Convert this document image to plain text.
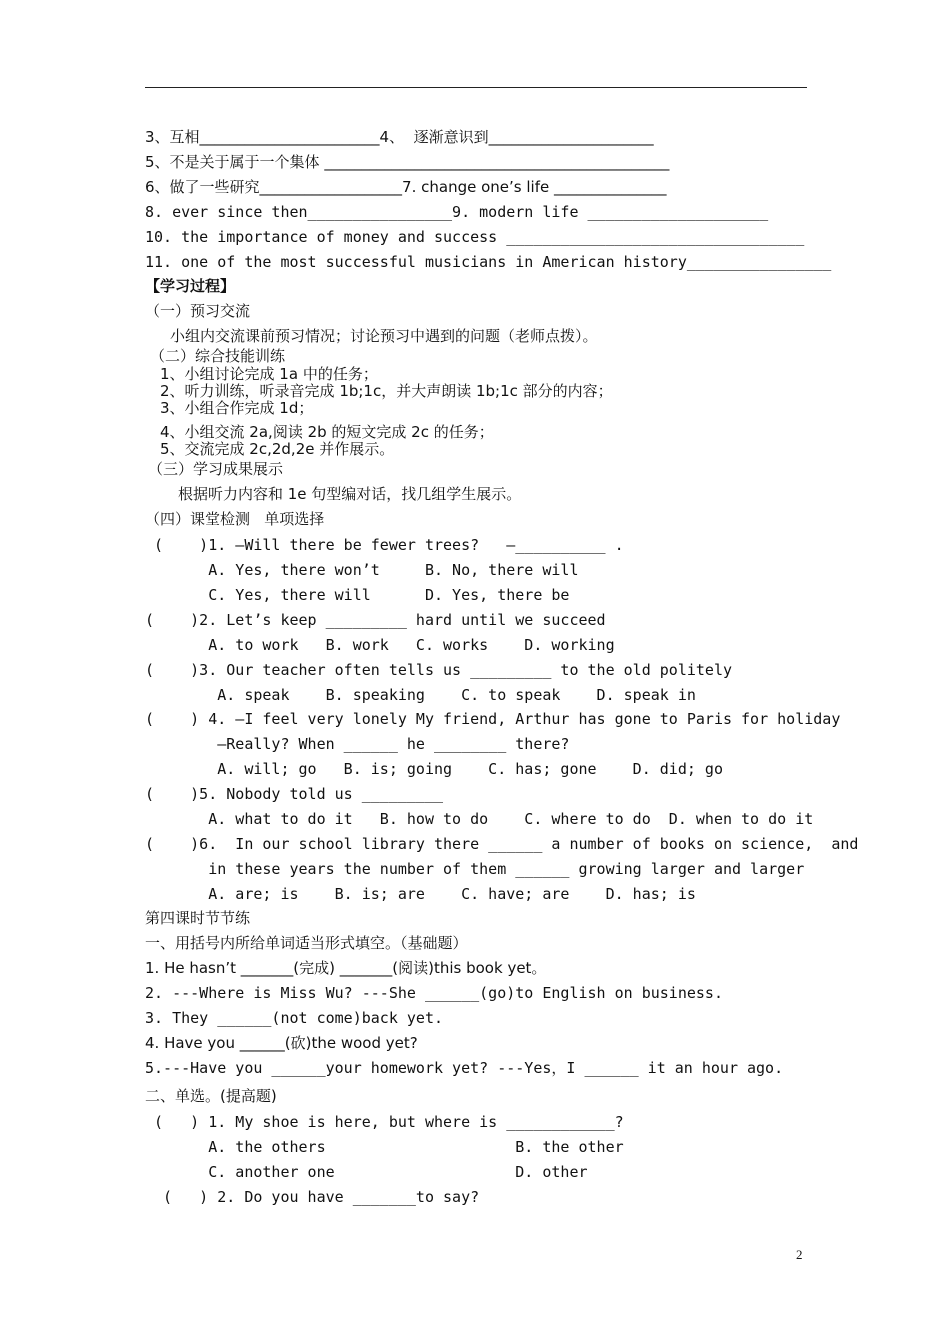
3、互相________________________4、  逐渐意识到______________________
5、不是关于属于一个集体 ______________________________________________
6、做了一些研究___________________7. change one’s life _______________
8. ever since then________________9. modern life ____________________
10. the importance of money and success _________________________________
11. one of the most successful musicians in American history________________
【学习过程】
（一）预习交流
小组内交流课前预习情况；讨论预习中遇到的问题（老师点拨）。
（二）综合技能训练
1、小组讨论完成 1a 中的任务；
2、听力训练，听录音完成 1b;1c，并大声朗读 1b;1c 部分的内容；
3、小组合作完成 1d；
4、小组交流 2a,阅读 2b 的短文完成 2c 的任务；
5、交流完成 2c,2d,2e 并作展示。
（三）学习成果展示
根据听力内容和 1e 句型编对话，找几组学生展示。
（四）课堂检测   单项选择
(    )1. —Will there be fewer trees?   —__________ .
A. Yes, there won’t     B. No, there will
C. Yes, there will      D. Yes, there be
(    )2. Let’s keep _________ hard until we succeed
A. to work   B. work   C. works    D. working
(    )3. Our teacher often tells us _________ to the old politely
A. speak    B. speaking    C. to speak    D. speak in
(    ) 4. —I feel very lonely My friend, Arthur has gone to Paris for holiday
—Really? When ______ he ________ there?
A. will; go   B. is; going    C. has; gone    D. did; go
(    )5. Nobody told us _________
A. what to do it   B. how to do    C. where to do  D. when to do it
(    )6.  In our school library there ______ a number of books on science,  and
in these years the number of them ______ growing larger and larger
A. are; is    B. is; are    C. have; are    D. has; is
第四课时节节练
一、用括号内所给单词适当形式填空。（基础题）
1. He hasn’t _______(完成) _______(阅读)this book yet。
2. ---Where is Miss Wu? ---She ______(go)to English on business.
3. They ______(not come)back yet.
4. Have you ______(砍)the wood yet?
5.---Have you ______your homework yet? ---Yes，I ______ it an hour ago.
二、单选。(提高题)
(   ) 1. My shoe is here, but where is ____________?
A. the others                     B. the other
C. another one                    D. other
(   ) 2. Do you have _______to say?
2
